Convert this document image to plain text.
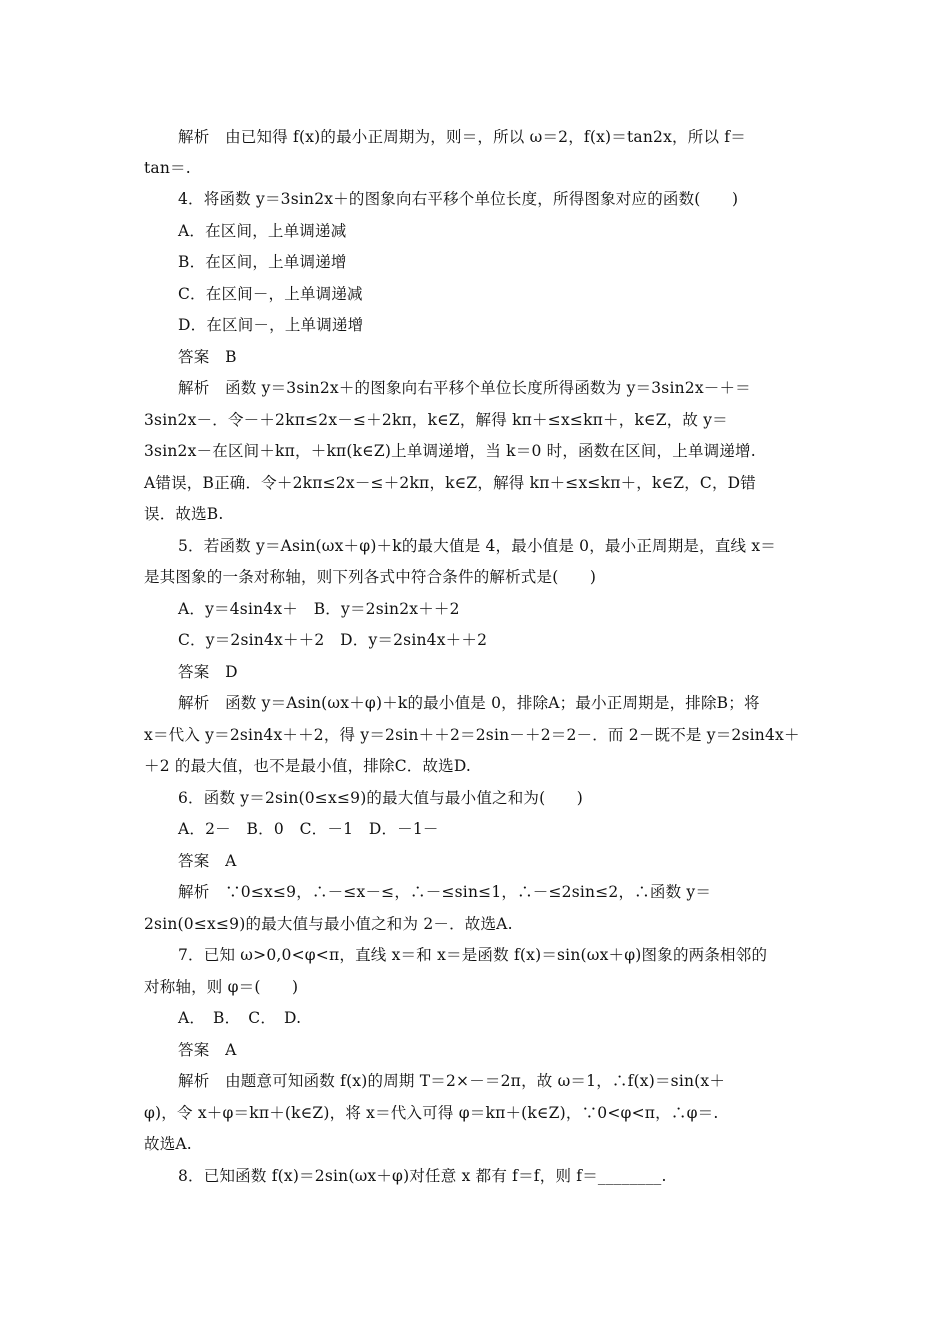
解析　由已知得 f(x)的最小正周期为，则＝，所以 ω＝2，f(x)＝tan2x，所以 f＝
tan＝.
4．将函数 y＝3sin2x＋的图象向右平移个单位长度，所得图象对应的函数(　　)
A．在区间，上单调递减
B．在区间，上单调递增
C．在区间－，上单调递减
D．在区间－，上单调递增
答案　B
解析　函数 y＝3sin2x＋的图象向右平移个单位长度所得函数为 y＝3sin2x－＋＝
3sin2x－．令－＋2kπ≤2x－≤＋2kπ，k∈Z，解得 kπ＋≤x≤kπ＋，k∈Z，故 y＝
3sin2x－在区间＋kπ，＋kπ(k∈Z)上单调递增，当 k＝0 时，函数在区间，上单调递增.
A错误，B正确．令＋2kπ≤2x－≤＋2kπ，k∈Z，解得 kπ＋≤x≤kπ＋，k∈Z，C，D错
误．故选B.
5．若函数 y＝Asin(ωx＋φ)＋k的最大值是 4，最小值是 0，最小正周期是，直线 x＝
是其图象的一条对称轴，则下列各式中符合条件的解析式是(　　)
A．y＝4sin4x＋　B．y＝2sin2x＋＋2
C．y＝2sin4x＋＋2　D．y＝2sin4x＋＋2
答案　D
解析　函数 y＝Asin(ωx＋φ)＋k的最小值是 0，排除A；最小正周期是，排除B；将
x＝代入 y＝2sin4x＋＋2，得 y＝2sin＋＋2＝2sin－＋2＝2－．而 2－既不是 y＝2sin4x＋
＋2 的最大值，也不是最小值，排除C．故选D.
6．函数 y＝2sin(0≤x≤9)的最大值与最小值之和为(　　)
A．2－　B．0　C．－1　D．－1－
答案　A
解析　∵0≤x≤9，∴－≤x－≤，∴－≤sin≤1，∴－≤2sin≤2，∴函数 y＝
2sin(0≤x≤9)的最大值与最小值之和为 2－．故选A.
7．已知 ω>0,0<φ<π，直线 x＝和 x＝是函数 f(x)＝sin(ωx＋φ)图象的两条相邻的
对称轴，则 φ＝(　　)
A．　B．　C．　D.
答案　A
解析　由题意可知函数 f(x)的周期 T＝2×－＝2π，故 ω＝1，∴f(x)＝sin(x＋
φ)，令 x＋φ＝kπ＋(k∈Z)，将 x＝代入可得 φ＝kπ＋(k∈Z)，∵0<φ<π，∴φ＝.
故选A.
8．已知函数 f(x)＝2sin(ωx＋φ)对任意 x 都有 f＝f，则 f＝________.
